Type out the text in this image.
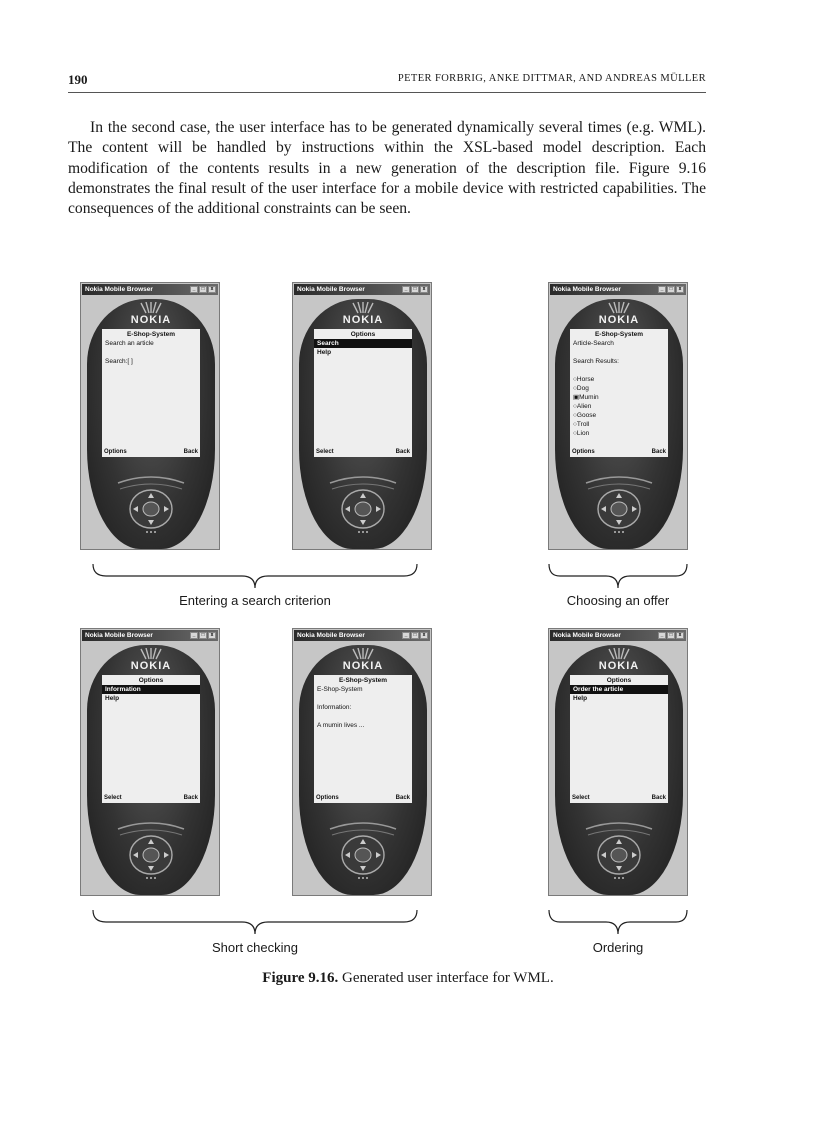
190	PETER FORBRIG, ANKE DITTMAR, AND ANDREAS MÜLLER

In the second case, the user interface has to be generated dynamically several times (e.g. WML). The content will be handled by instructions within the XSL-based model description. Each modification of the contents results in a new generation of the description file. Figure 9.16 demonstrates the final result of the user interface for a mobile device with restricted capabilities. The consequences of the additional constraints can be seen.

Nokia Mobile Browser	_	□	x
NOKIA
E-Shop-System
Search an article

Search:[ ]
Options	Back
Nokia Mobile Browser	_	□	x
NOKIA
Options
Search
Help
Select	Back
Nokia Mobile Browser	_	□	x
NOKIA
E-Shop-System
Article-Search

Search Results:

○Horse
○Dog
▣Mumin
○Alien
○Goose
○Troll
○Lion
Options	Back
Nokia Mobile Browser	_	□	x
NOKIA
Options
Information
Help
Select	Back
Nokia Mobile Browser	_	□	x
NOKIA
E-Shop-System
E-Shop-System

Information:

A mumin lives ...
Options	Back
Nokia Mobile Browser	_	□	x
NOKIA
Options
Order the article
Help
Select	Back
Entering a search criterion	Choosing an offer
Short checking	Ordering
Figure 9.16. Generated user interface for WML.
